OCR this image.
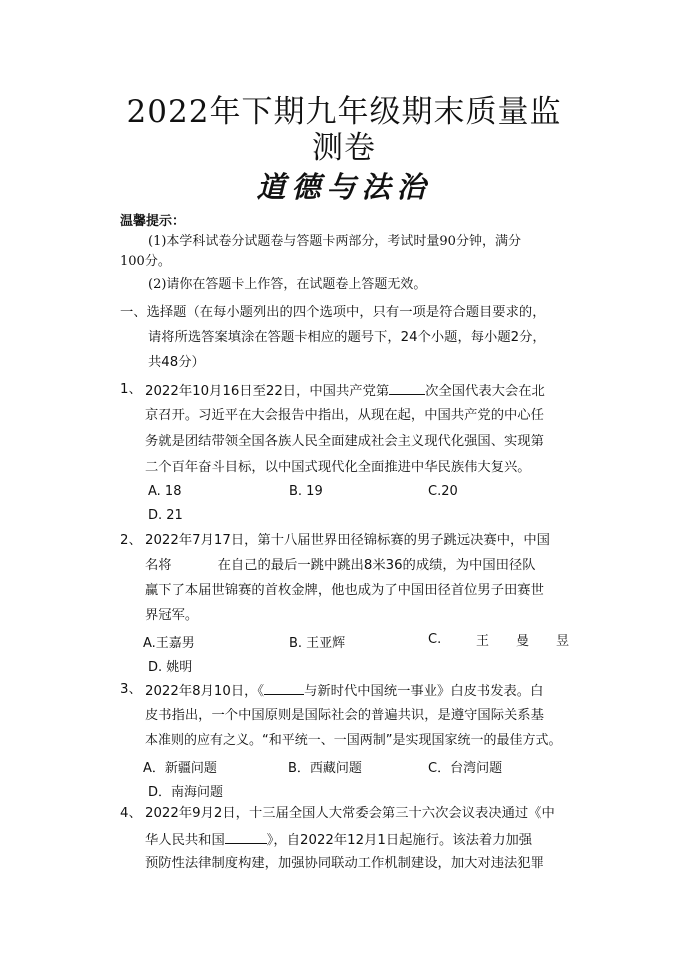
2022年下期九年级期末质量监
测卷
道德与法治
温馨提示：
(1)本学科试卷分试题卷与答题卡两部分，考试时量90分钟，满分
100分。
(2)请你在答题卡上作答，在试题卷上答题无效。
一、选择题（在每小题列出的四个选项中，只有一项是符合题目要求的，
请将所选答案填涂在答题卡相应的题号下，24个小题，每小题2分，
共48分）
1、 2022年10月16日至22日，中国共产党第	次全国代表大会在北
京召开。习近平在大会报告中指出，从现在起，中国共产党的中心任
务就是团结带领全国各族人民全面建成社会主义现代化强国、实现第
二个百年奋斗目标，以中国式现代化全面推进中华民族伟大复兴。
A. 18	B. 19	C.20
D. 21
2、 2022年7月17日，第十八届世界田径锦标赛的男子跳远决赛中，中国
名将	在自己的最后一跳中跳出8米36的成绩，为中国田径队
赢下了本届世锦赛的首枚金牌，他也成为了中国田径首位男子田赛世
界冠军。
A.王嘉男	B. 王亚辉	C.	王 曼 昱
D. 姚明
3、 2022年8月10日，《	与新时代中国统一事业》白皮书发表。白
皮书指出，一个中国原则是国际社会的普遍共识，是遵守国际关系基
本准则的应有之义。“和平统一、一国两制”是实现国家统一的最佳方式。
A．新疆问题	B．西藏问题	C．台湾问题
D．南海问题
4、 2022年9月2日，十三届全国人大常委会第三十六次会议表决通过《中
华人民共和国	》，自2022年12月1日起施行。该法着力加强
预防性法律制度构建，加强协同联动工作机制建设，加大对违法犯罪
